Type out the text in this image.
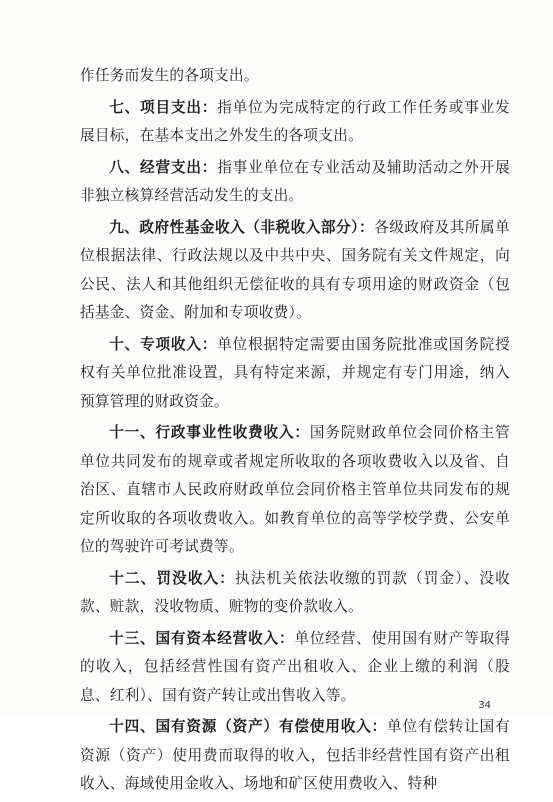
作任务而发生的各项支出。

七、项目支出：指单位为完成特定的行政工作任务或事业发展目标，在基本支出之外发生的各项支出。

八、经营支出：指事业单位在专业活动及辅助活动之外开展非独立核算经营活动发生的支出。

九、政府性基金收入（非税收入部分）：各级政府及其所属单位根据法律、行政法规以及中共中央、国务院有关文件规定，向公民、法人和其他组织无偿征收的具有专项用途的财政资金（包括基金、资金、附加和专项收费）。

十、专项收入：单位根据特定需要由国务院批准或国务院授权有关单位批准设置，具有特定来源，并规定有专门用途，纳入预算管理的财政资金。

十一、行政事业性收费收入：国务院财政单位会同价格主管单位共同发布的规章或者规定所收取的各项收费收入以及省、自治区、直辖市人民政府财政单位会同价格主管单位共同发布的规定所收取的各项收费收入。如教育单位的高等学校学费、公安单位的驾驶许可考试费等。

十二、罚没收入：执法机关依法收缴的罚款（罚金）、没收款、赃款，没收物质、赃物的变价款收入。

十三、国有资本经营收入：单位经营、使用国有财产等取得的收入，包括经营性国有资产出租收入、企业上缴的利润（股息、红利）、国有资产转让或出售收入等。

十四、国有资源（资产）有偿使用收入：单位有偿转让国有资源（资产）使用费而取得的收入，包括非经营性国有资产出租收入、海域使用金收入、场地和矿区使用费收入、特种

34
